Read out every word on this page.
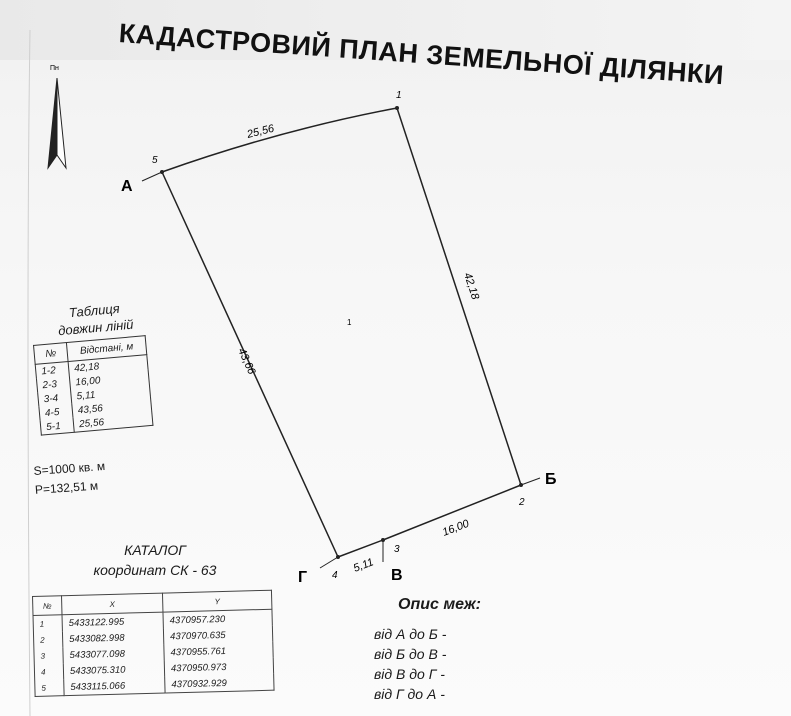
КАДАСТРОВИЙ ПЛАН ЗЕМЕЛЬНОЇ ДІЛЯНКИ
Пн
1
2
3
4
5
А
Б
В
Г
1
25,56
42,18
16,00
5,11
43,66
Таблиця
довжин ліній
№	Відстані, м
1-2	42,18
2-3	16,00
3-4	5,11
4-5	43,56
5-1	25,56
S=1000 кв. м
P=132,51 м
КАТАЛОГ
координат СК - 63
№	X	Y
1	5433122.995	4370957.230
2	5433082.998	4370970.635
3	5433077.098	4370955.761
4	5433075.310	4370950.973
5	5433115.066	4370932.929
Опис меж:
від А до Б -
від Б до В -
від В до Г -
від Г до А -
